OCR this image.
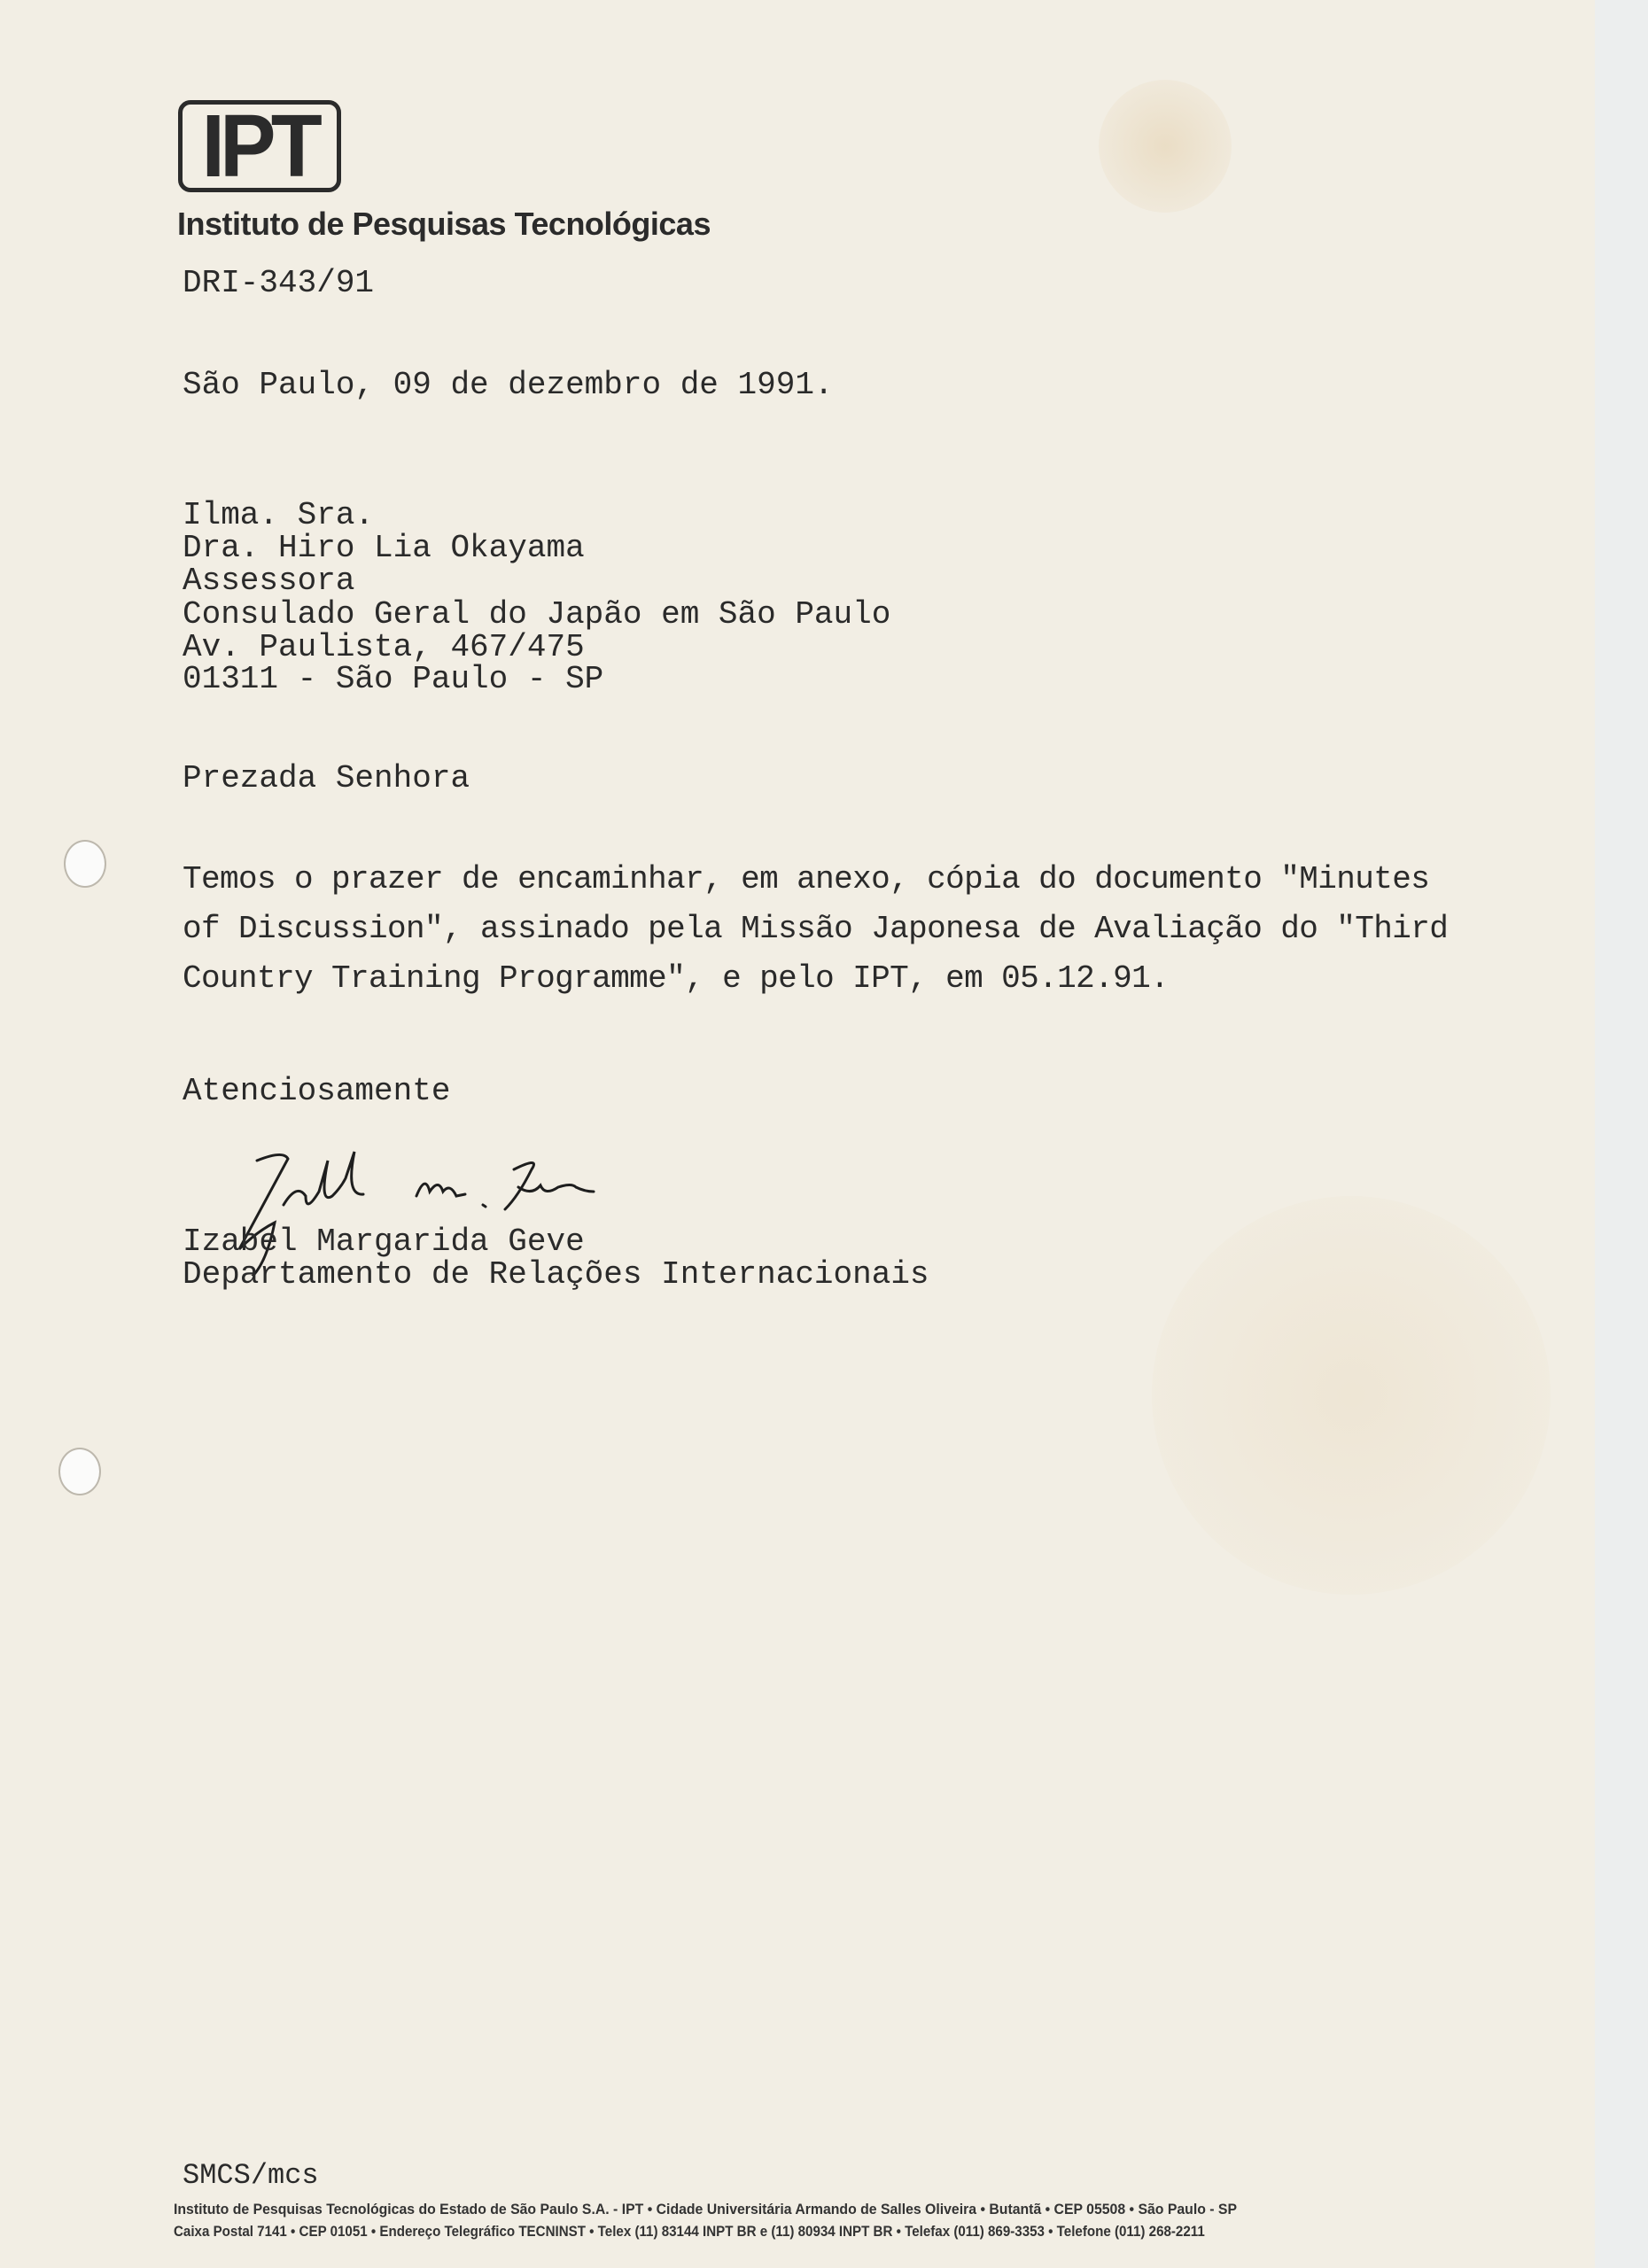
IPT
Instituto de Pesquisas Tecnológicas
DRI-343/91
São Paulo, 09 de dezembro de 1991.
Ilma. Sra.
Dra. Hiro Lia Okayama
Assessora
Consulado Geral do Japão em São Paulo
Av. Paulista, 467/475
01311 - São Paulo - SP
Prezada Senhora
Temos o prazer de encaminhar, em anexo, cópia do documento "Minutes
of Discussion", assinado pela Missão Japonesa de Avaliação do "Third
Country Training Programme", e pelo IPT, em 05.12.91.
Atenciosamente
Izabel Margarida Geve
Departamento de Relações Internacionais
SMCS/mcs
Instituto de Pesquisas Tecnológicas do Estado de São Paulo S.A. - IPT • Cidade Universitária Armando de Salles Oliveira • Butantã • CEP 05508 • São Paulo - SP
Caixa Postal 7141 • CEP 01051 • Endereço Telegráfico TECNINST • Telex (11) 83144 INPT BR e (11) 80934 INPT BR • Telefax (011) 869-3353 • Telefone (011) 268-2211
